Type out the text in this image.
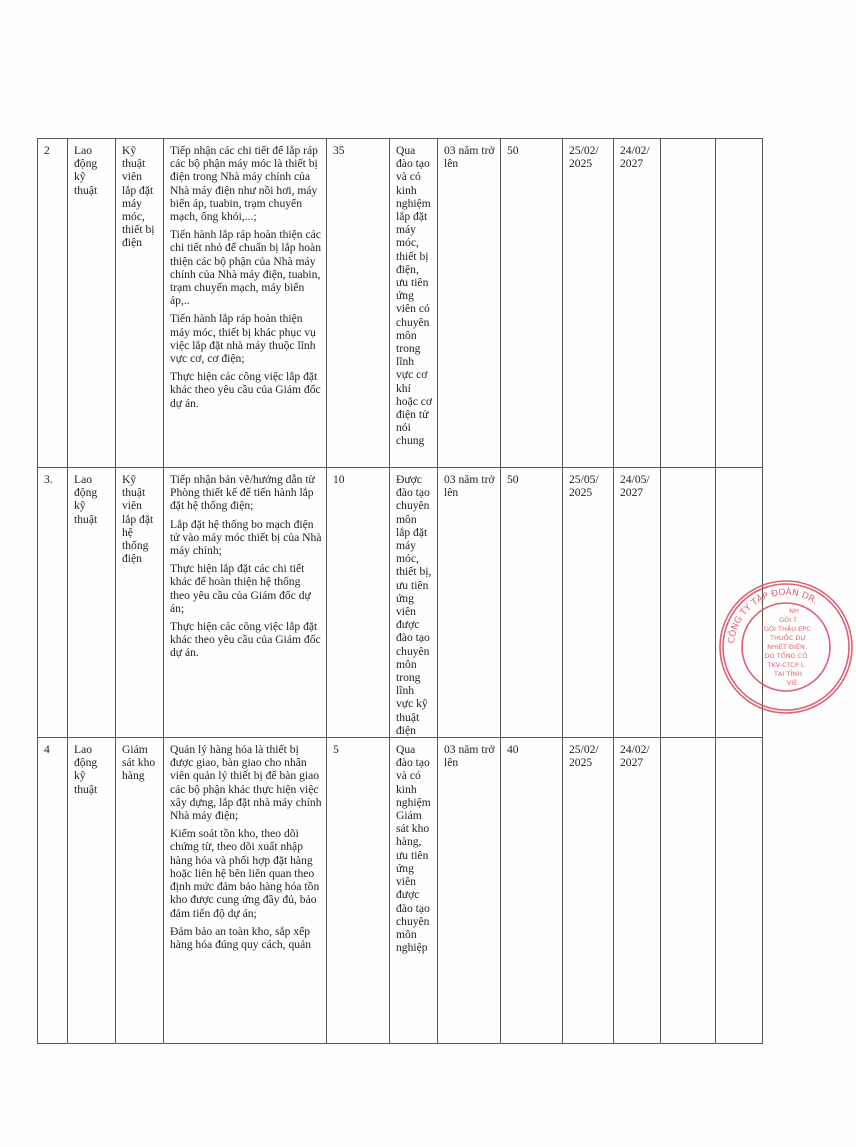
2	Lao động kỹ thuật	Kỹ thuật viên lắp đặt máy móc, thiết bị điện	Tiếp nhận các chi tiết để lắp ráp các bộ phận máy móc là thiết bị điện trong Nhà máy chính của Nhà máy điện như nồi hơi, máy biến áp, tuabin, trạm chuyển mạch, ống khói,...;

Tiến hành lắp ráp hoàn thiện các chi tiết nhỏ để chuẩn bị lắp hoàn thiện các bộ phận của Nhà máy chính của Nhà máy điện, tuabin, trạm chuyển mạch, máy biến áp,..

Tiến hành lắp ráp hoàn thiện máy móc, thiết bị khác phục vụ việc lắp đặt nhà máy thuộc lĩnh vực cơ, cơ điện;

Thực hiện các công việc lắp đặt khác theo yêu cầu của Giám đốc dự án.	35	Qua đào tạo và có kinh nghiệm lắp đặt máy móc, thiết bị điện, ưu tiên ứng viên có chuyên môn trong lĩnh vực cơ khí hoặc cơ điện tử nói chung	03 năm trở lên	50	25/02/ 2025	24/02/ 2027		
3.	Lao động kỹ thuật	Kỹ thuật viên lắp đặt hệ thống điện	Tiếp nhận bản vẽ/hướng dẫn từ Phòng thiết kế để tiến hành lắp đặt hệ thống điện;

Lắp đặt hệ thống bo mạch điện tử vào máy móc thiết bị của Nhà máy chính;

Thực hiện lắp đặt các chi tiết khác để hoàn thiện hệ thống theo yêu cầu của Giám đốc dự án;

Thực hiện các công việc lắp đặt khác theo yêu cầu của Giám đốc dự án.	10	Được đào tạo chuyên môn lắp đặt máy móc, thiết bị, ưu tiên ứng viên được đào tạo chuyên môn trong lĩnh vực kỹ thuật điện	03 năm trở lên	50	25/05/ 2025	24/05/ 2027		
4	Lao động kỹ thuật	Giám sát kho hàng	Quản lý hàng hóa là thiết bị được giao, bàn giao cho nhân viên quản lý thiết bị để bàn giao các bộ phận khác thực hiện việc xây dựng, lắp đặt nhà máy chính Nhà máy điện;

Kiểm soát tồn kho, theo dõi chứng từ, theo dõi xuất nhập hàng hóa và phối hợp đặt hàng hoặc liên hệ bên liên quan theo định mức đảm bảo hàng hóa tồn kho được cung ứng đầy đủ, bảo đảm tiến độ dự án;

Đảm bảo an toàn kho, sắp xếp hàng hóa đúng quy cách, quản	5	Qua đào tạo và có kinh nghiệm Giám sát kho hàng, ưu tiên ứng viên được đào tạo chuyên môn nghiệp	03 năm trở lên	40	25/02/ 2025	24/02/ 2027		
CÔNG TY TẬP ĐOÀN DR.
NH
GÓI T
(GÓI THẦU EPC
THUỘC DỰ
NHIỆT ĐIỆN
DO TỔNG CÔ
TKV-CTCP L
TẠI TỈNH
VIỆ
